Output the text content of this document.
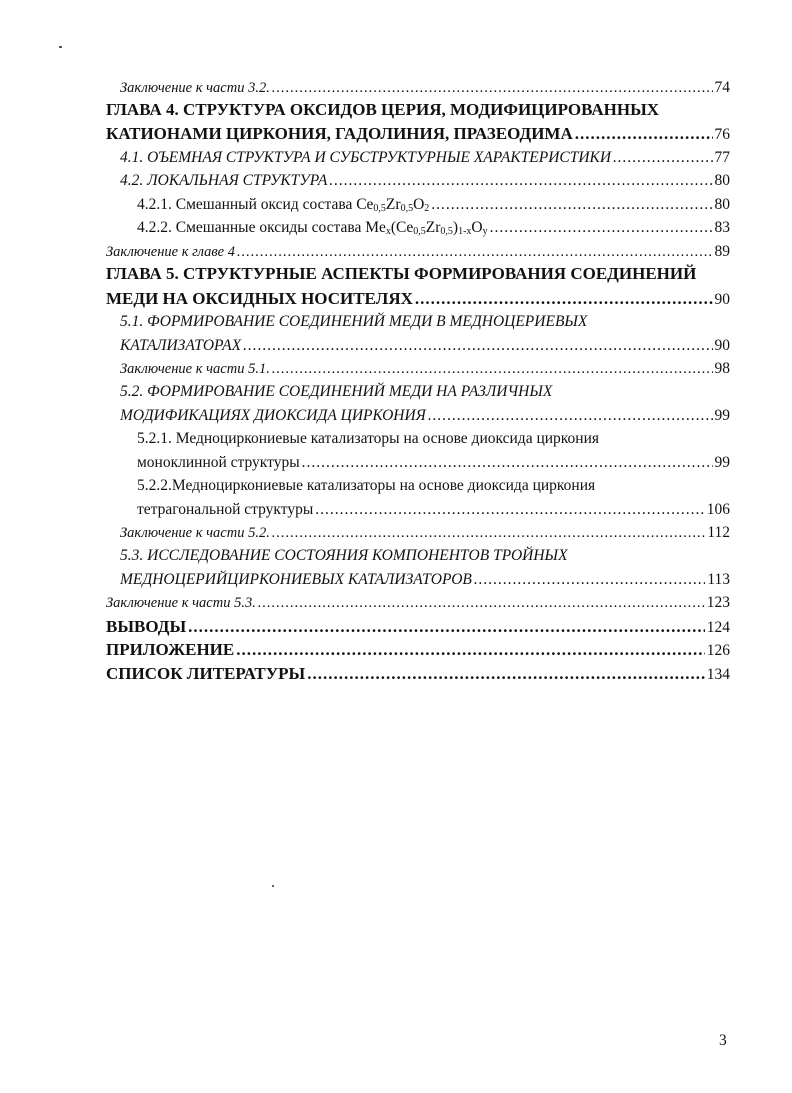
Заключение к части 3.2. .....	74
ГЛАВА 4. СТРУКТУРА ОКСИДОВ ЦЕРИЯ, МОДИФИЦИРОВАННЫХ
КАТИОНАМИ ЦИРКОНИЯ, ГАДОЛИНИЯ, ПРАЗЕОДИМА .....	76
4.1. ОЪЕМНАЯ СТРУКТУРА И СУБСТРУКТУРНЫЕ ХАРАКТЕРИСТИКИ .....	77
4.2. ЛОКАЛЬНАЯ СТРУКТУРА .....	80
4.2.1. Смешанный оксид состава $Ce_{0,5}Zr_{0,5}O_2$ .....	80
4.2.2. Смешанные оксиды состава $Me_x(Ce_{0,5}Zr_{0,5})_{1-x}O_y$ .....	83
Заключение к главе 4 .....	89
ГЛАВА 5. СТРУКТУРНЫЕ АСПЕКТЫ ФОРМИРОВАНИЯ СОЕДИНЕНИЙ
МЕДИ НА ОКСИДНЫХ НОСИТЕЛЯХ .....	90
5.1. ФОРМИРОВАНИЕ СОЕДИНЕНИЙ МЕДИ В МЕДНОЦЕРИЕВЫХ
КАТАЛИЗАТОРАХ .....	90
Заключение к части 5.1. .....	98
5.2. ФОРМИРОВАНИЕ СОЕДИНЕНИЙ МЕДИ НА РАЗЛИЧНЫХ
МОДИФИКАЦИЯХ ДИОКСИДА ЦИРКОНИЯ .....	99
5.2.1. Медноциркониевые катализаторы на основе диоксида циркония
моноклинной структуры .....	99
5.2.2.Медноциркониевые катализаторы на основе диоксида циркония
тетрагональной структуры .....	106
Заключение к части 5.2. .....	112
5.3. ИССЛЕДОВАНИЕ СОСТОЯНИЯ КОМПОНЕНТОВ ТРОЙНЫХ
МЕДНОЦЕРИЙЦИРКОНИЕВЫХ КАТАЛИЗАТОРОВ .....	113
Заключение к части 5.3. .....	123
ВЫВОДЫ .....	124
ПРИЛОЖЕНИЕ .....	126
СПИСОК ЛИТЕРАТУРЫ .....	134
3
